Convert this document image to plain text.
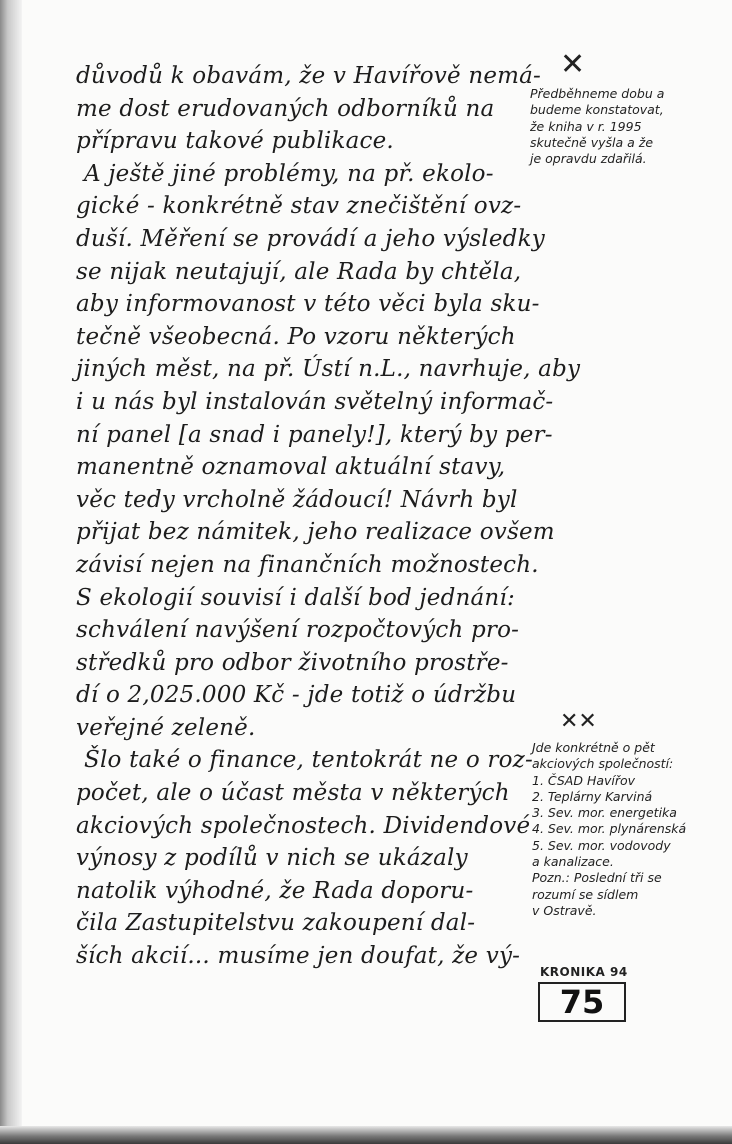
důvodů k obavám, že v Havířově nemá-
me dost erudovaných odborníků na
přípravu takové publikace.
A ještě jiné problémy, na př. ekolo-
gické - konkrétně stav znečištění ovz-
duší. Měření se provádí a jeho výsledky
se nijak neutajují, ale Rada by chtěla,
aby informovanost v této věci byla sku-
tečně všeobecná. Po vzoru některých
jiných měst, na př. Ústí n.L., navrhuje, aby
i u nás byl instalován světelný informač-
ní panel [a snad i panely!], který by per-
manentně oznamoval aktuální stavy,
věc tedy vrcholně žádoucí! Návrh byl
přijat bez námitek, jeho realizace ovšem
závisí nejen na finančních možnostech.
S ekologií souvisí i další bod jednání:
schválení navýšení rozpočtových pro-
středků pro odbor životního prostře-
dí o 2,025.000 Kč - jde totiž o údržbu
veřejné zeleně.
Šlo také o finance, tentokrát ne o roz-
počet, ale o účast města v některých
akciových společnostech. Dividendové
výnosy z podílů v nich se ukázaly
natolik výhodné, že Rada doporu-
čila Zastupitelstvu zakoupení dal-
ších akcií... musíme jen doufat, že vý-
✕
Předběhneme dobu a
budeme konstatovat,
že kniha v r. 1995
skutečně vyšla a že
je opravdu zdařilá.
✕✕
Jde konkrétně o pět
akciových společností:
1. ČSAD Havířov
2. Teplárny Karviná
3. Sev. mor. energetika
4. Sev. mor. plynárenská
5. Sev. mor. vodovody
a kanalizace.
Pozn.: Poslední tři se
rozumí se sídlem
v Ostravě.
KRONIKA 94
75
